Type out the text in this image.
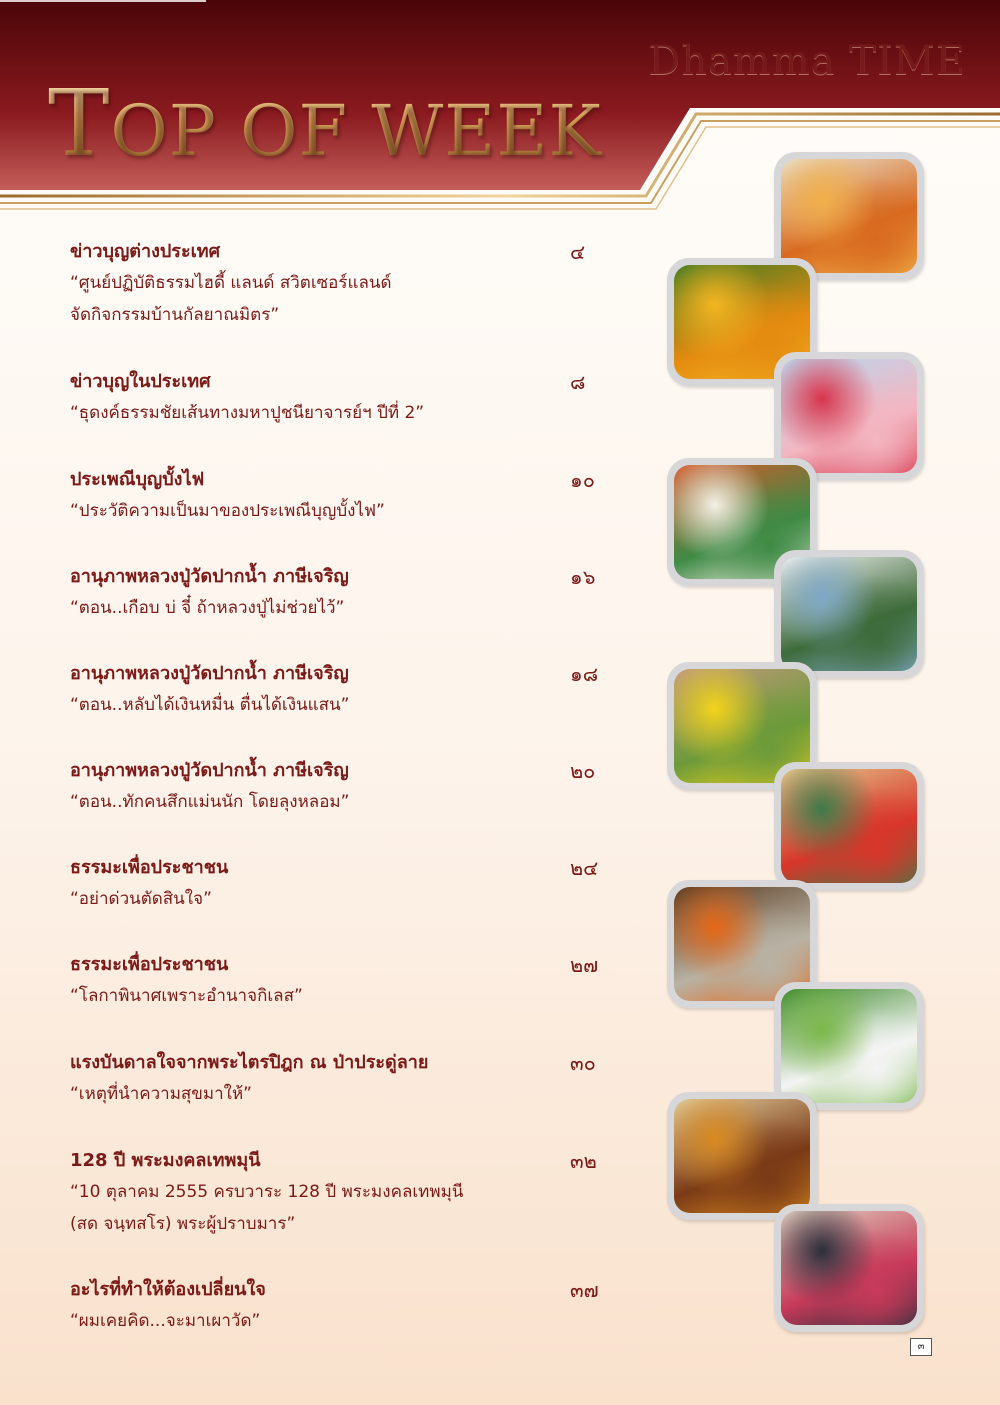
Dhamma TIME
TOP OF WEEK
ข่าวบุญต่างประเทศ	๔
“ศูนย์ปฏิบัติธรรมไฮดี้ แลนด์ สวิตเซอร์แลนด์
จัดกิจกรรมบ้านกัลยาณมิตร”
ข่าวบุญในประเทศ	๘
“ธุดงค์ธรรมชัยเส้นทางมหาปูชนียาจารย์ฯ ปีที่ 2”
ประเพณีบุญบั้งไฟ	๑๐
“ประวัติความเป็นมาของประเพณีบุญบั้งไฟ”
อานุภาพหลวงปู่วัดปากน้ำ ภาษีเจริญ	๑๖
“ตอน..เกือบ บ่ จี๋ ถ้าหลวงปู่ไม่ช่วยไว้”
อานุภาพหลวงปู่วัดปากน้ำ ภาษีเจริญ	๑๘
“ตอน..หลับได้เงินหมื่น ตื่นได้เงินแสน”
อานุภาพหลวงปู่วัดปากน้ำ ภาษีเจริญ	๒๐
“ตอน..ทักคนสึกแม่นนัก โดยลุงหลอม”
ธรรมะเพื่อประชาชน	๒๔
“อย่าด่วนตัดสินใจ”
ธรรมะเพื่อประชาชน	๒๗
“โลกาพินาศเพราะอำนาจกิเลส”
แรงบันดาลใจจากพระไตรปิฎก ณ ป่าประดู่ลาย	๓๐
“เหตุที่นำความสุขมาให้”
128 ปี พระมงคลเทพมุนี	๓๒
“10 ตุลาคม 2555 ครบวาระ 128 ปี พระมงคลเทพมุนี
(สด จนฺทสโร) พระผู้ปราบมาร”
อะไรที่ทำให้ต้องเปลี่ยนใจ	๓๗
“ผมเคยคิด...จะมาเผาวัด”
๓
